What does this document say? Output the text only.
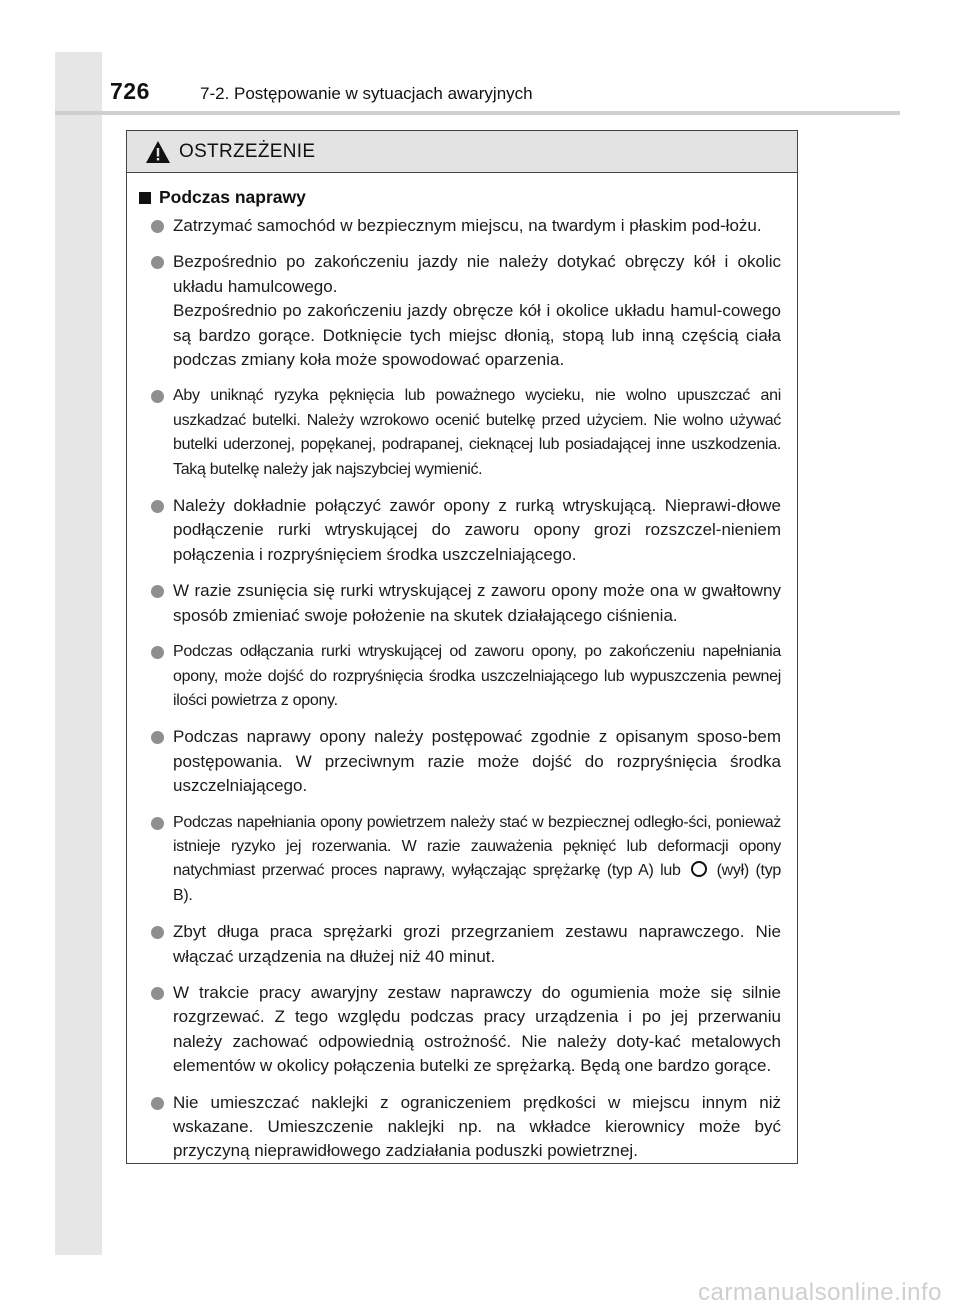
726	7-2. Postępowanie w sytuacjach awaryjnych
OSTRZEŻENIE
Podczas naprawy
Zatrzymać samochód w bezpiecznym miejscu, na twardym i płaskim pod-łożu.
Bezpośrednio po zakończeniu jazdy nie należy dotykać obręczy kół i okolic układu hamulcowego.
Bezpośrednio po zakończeniu jazdy obręcze kół i okolice układu hamul-cowego są bardzo gorące. Dotknięcie tych miejsc dłonią, stopą lub inną częścią ciała podczas zmiany koła może spowodować oparzenia.
Aby uniknąć ryzyka pęknięcia lub poważnego wycieku, nie wolno upuszczać ani uszkadzać butelki. Należy wzrokowo ocenić butelkę przed użyciem. Nie wolno używać butelki uderzonej, popękanej, podrapanej, cieknącej lub posiadającej inne uszkodzenia. Taką butelkę należy jak najszybciej wymienić.
Należy dokładnie połączyć zawór opony z rurką wtryskującą. Nieprawi-dłowe podłączenie rurki wtryskującej do zaworu opony grozi rozszczel-nieniem połączenia i rozpryśnięciem środka uszczelniającego.
W razie zsunięcia się rurki wtryskującej z zaworu opony może ona w gwałtowny sposób zmieniać swoje położenie na skutek działającego ciśnienia.
Podczas odłączania rurki wtryskującej od zaworu opony, po zakończeniu napełniania opony, może dojść do rozpryśnięcia środka uszczelniającego lub wypuszczenia pewnej ilości powietrza z opony.
Podczas naprawy opony należy postępować zgodnie z opisanym sposo-bem postępowania. W przeciwnym razie może dojść do rozpryśnięcia środka uszczelniającego.
Podczas napełniania opony powietrzem należy stać w bezpiecznej odległo-ści, ponieważ istnieje ryzyko jej rozerwania. W razie zauważenia pęknięć lub deformacji opony natychmiast przerwać proces naprawy, wyłączając sprężarkę (typ A) lub (wył) (typ B).
Zbyt długa praca sprężarki grozi przegrzaniem zestawu naprawczego. Nie włączać urządzenia na dłużej niż 40 minut.
W trakcie pracy awaryjny zestaw naprawczy do ogumienia może się silnie rozgrzewać. Z tego względu podczas pracy urządzenia i po jej przerwaniu należy zachować odpowiednią ostrożność. Nie należy doty-kać metalowych elementów w okolicy połączenia butelki ze sprężarką. Będą one bardzo gorące.
Nie umieszczać naklejki z ograniczeniem prędkości w miejscu innym niż wskazane. Umieszczenie naklejki np. na wkładce kierownicy może być przyczyną nieprawidłowego zadziałania poduszki powietrznej.
carmanualsonline.info
